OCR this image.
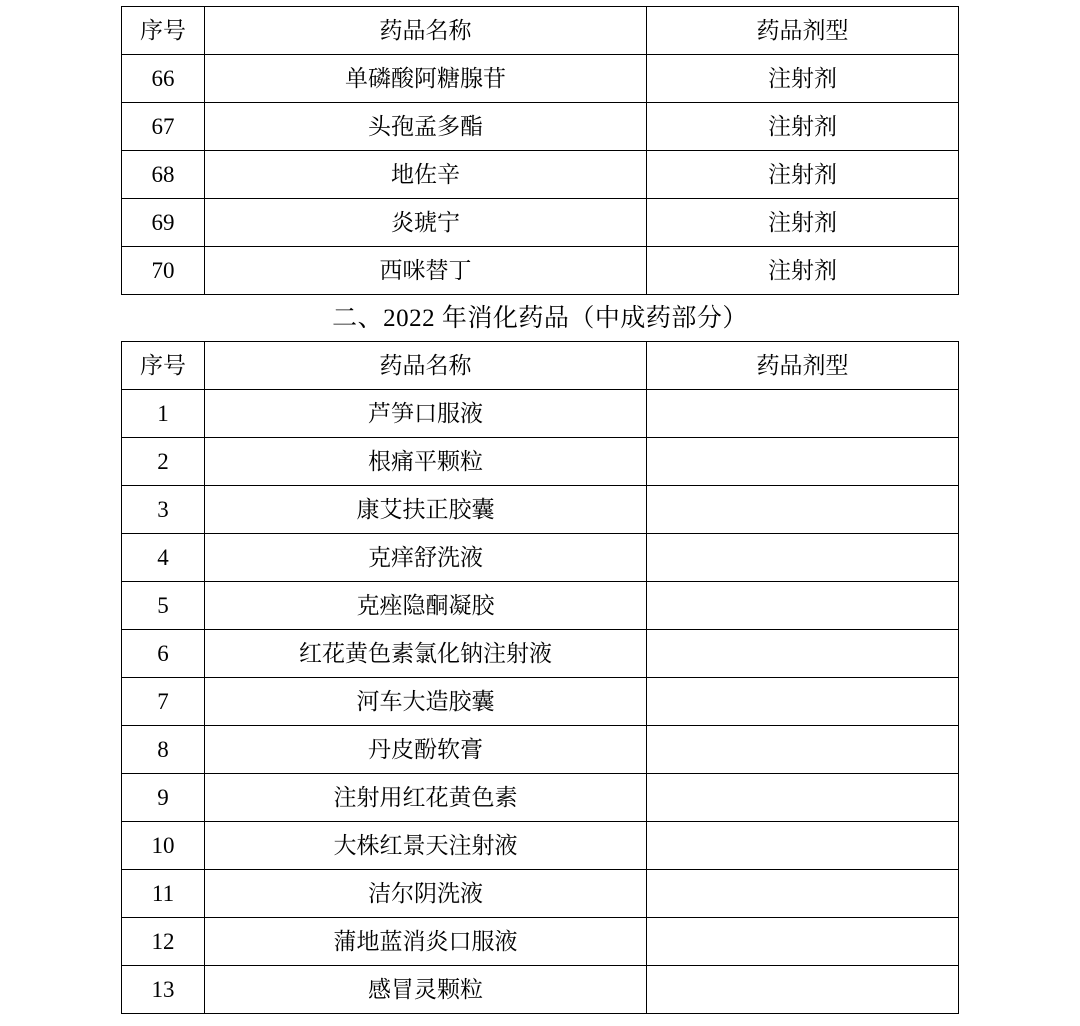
序号	药品名称	药品剂型
66	单磷酸阿糖腺苷	注射剂
67	头孢孟多酯	注射剂
68	地佐辛	注射剂
69	炎琥宁	注射剂
70	西咪替丁	注射剂
二、2022 年消化药品（中成药部分）
序号	药品名称	药品剂型
1	芦笋口服液	
2	根痛平颗粒	
3	康艾扶正胶囊	
4	克痒舒洗液	
5	克痤隐酮凝胶	
6	红花黄色素氯化钠注射液	
7	河车大造胶囊	
8	丹皮酚软膏	
9	注射用红花黄色素	
10	大株红景天注射液	
11	洁尔阴洗液	
12	蒲地蓝消炎口服液	
13	感冒灵颗粒	
